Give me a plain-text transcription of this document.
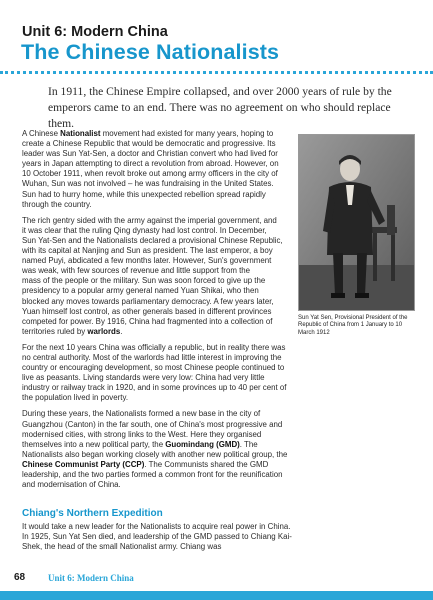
Unit 6: Modern China
The Chinese Nationalists
In 1911, the Chinese Empire collapsed, and over 2000 years of rule by the emperors came to an end. There was no agreement on who should replace them.

A Chinese Nationalist movement had existed for many years, hoping to create a Chinese Republic that would be democratic and progressive. Its leader was Sun Yat-Sen, a doctor and Christian convert who had lived for years in Japan attempting to direct a revolution from abroad. However, on 10 October 1911, when revolt broke out among army officers in the city of Wuhan, Sun was not involved – he was fundraising in the United States. Sun had to hurry home, while this unexpected rebellion spread rapidly through the country.

The rich gentry sided with the army against the imperial government, and
it was clear that the ruling Qing dynasty had lost control. In December,
Sun Yat-Sen and the Nationalists declared a provisional Chinese Republic,
with its capital at Nanjing and Sun as president. The last emperor, a boy
named Puyi, abdicated a few months later. However, Sun's government
was weak, with few sources of revenue and little support from the
mass of the people or the military. Sun was soon forced to give up the
presidency to a popular army general named Yuan Shikai, who then
blocked any moves towards parliamentary democracy. A few years later,
Yuan himself lost control, as other generals based in different provinces
competed for power. By 1916, China had fragmented into a collection of
territories ruled by warlords.

For the next 10 years China was officially a republic, but in reality there was no central authority. Most of the warlords had little interest in improving the country or encouraging development, so most Chinese people continued to live as peasants. Living standards were very low: China had very little industry or railway track in 1920, and in some provinces up to 40 per cent of the population lived in poverty.

During these years, the Nationalists formed a new base in the city of Guangzhou (Canton) in the far south, one of China's most progressive and modernised cities, with strong links to the West. Here they organised themselves into a new political party, the Guomindang (GMD). The Nationalists also began working closely with another new political group, the Chinese Communist Party (CCP). The Communists shared the GMD leadership, and the two parties formed a common front for the reunification and modernisation of China.

Chiang's Northern Expedition
It would take a new leader for the Nationalists to acquire real power in China. In 1925, Sun Yat Sen died, and leadership of the GMD passed to Chiang Kai-Shek, the head of the small Nationalist army. Chiang was
Sun Yat Sen, Provisional President of the Republic of China from 1 January to 10 March 1912
68	Unit 6: Modern China
